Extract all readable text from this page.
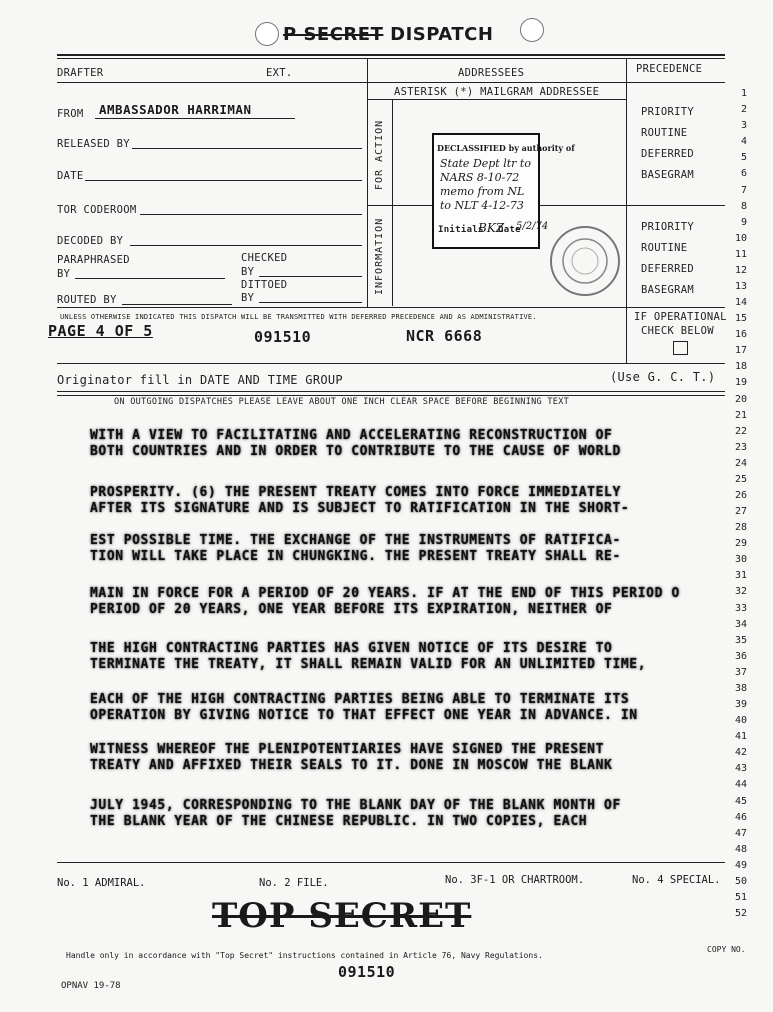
P SECRET DISPATCH
DRAFTER	EXT.	ADDRESSEES	PRECEDENCE
ASTERISK (*) MAILGRAM ADDRESSEE
FROM AMBASSADOR HARRIMAN
RELEASED BY
DATE
TOR CODEROOM
DECODED BY
PARAPHRASED
BY
CHECKED
BY
DITTOED
BY
ROUTED BY
FOR ACTION
INFORMATION
PRIORITY
ROUTINE
DEFERRED
BASEGRAM
PRIORITY
ROUTINE
DEFERRED
BASEGRAM
DECLASSIFIED by authority of
State Dept ltr to
NARS 8-10-72
memo from NL
to NLT 4-12-73
Initials
BKZ
Date
5/2/74
UNLESS OTHERWISE INDICATED THIS DISPATCH WILL BE TRANSMITTED WITH DEFERRED PRECEDENCE AND AS ADMINISTRATIVE.	IF OPERATIONAL
CHECK BELOW
PAGE 4 OF 5	091510	NCR 6668
Originator fill in DATE AND TIME GROUP	(Use G. C. T.)
ON OUTGOING DISPATCHES PLEASE LEAVE ABOUT ONE INCH CLEAR SPACE BEFORE BEGINNING TEXT
1
2
3
4
5
6
7
8
9
10
11
12
13
14
15
16
17
18
19
20
21
22
23
24
25
26
27
28
29
30
31
32
33
34
35
36
37
38
39
40
41
42
43
44
45
46
47
48
49
50
51
52
WITH A VIEW TO FACILITATING AND ACCELERATING RECONSTRUCTION OF
BOTH COUNTRIES AND IN ORDER TO CONTRIBUTE TO THE CAUSE OF WORLD
PROSPERITY. (6) THE PRESENT TREATY COMES INTO FORCE IMMEDIATELY
AFTER ITS SIGNATURE AND IS SUBJECT TO RATIFICATION IN THE SHORT-
EST POSSIBLE TIME. THE EXCHANGE OF THE INSTRUMENTS OF RATIFICA-
TION WILL TAKE PLACE IN CHUNGKING. THE PRESENT TREATY SHALL RE-
MAIN IN FORCE FOR A PERIOD OF 20 YEARS. IF AT THE END OF THIS PERIOD O
PERIOD OF 20 YEARS, ONE YEAR BEFORE ITS EXPIRATION, NEITHER OF
THE HIGH CONTRACTING PARTIES HAS GIVEN NOTICE OF ITS DESIRE TO
TERMINATE THE TREATY, IT SHALL REMAIN VALID FOR AN UNLIMITED TIME,
EACH OF THE HIGH CONTRACTING PARTIES BEING ABLE TO TERMINATE ITS
OPERATION BY GIVING NOTICE TO THAT EFFECT ONE YEAR IN ADVANCE. IN
WITNESS WHEREOF THE PLENIPOTENTIARIES HAVE SIGNED THE PRESENT
TREATY AND AFFIXED THEIR SEALS TO IT. DONE IN MOSCOW THE BLANK
JULY 1945, CORRESPONDING TO THE BLANK DAY OF THE BLANK MONTH OF
THE BLANK YEAR OF THE CHINESE REPUBLIC. IN TWO COPIES, EACH
No. 1 ADMIRAL.	No. 2 FILE.	No. 3F-1 OR CHARTROOM.	No. 4 SPECIAL.
TOP SECRET
Handle only in accordance with "Top Secret" instructions contained in Article 76, Navy Regulations.
COPY NO.
091510
OPNAV 19-78
